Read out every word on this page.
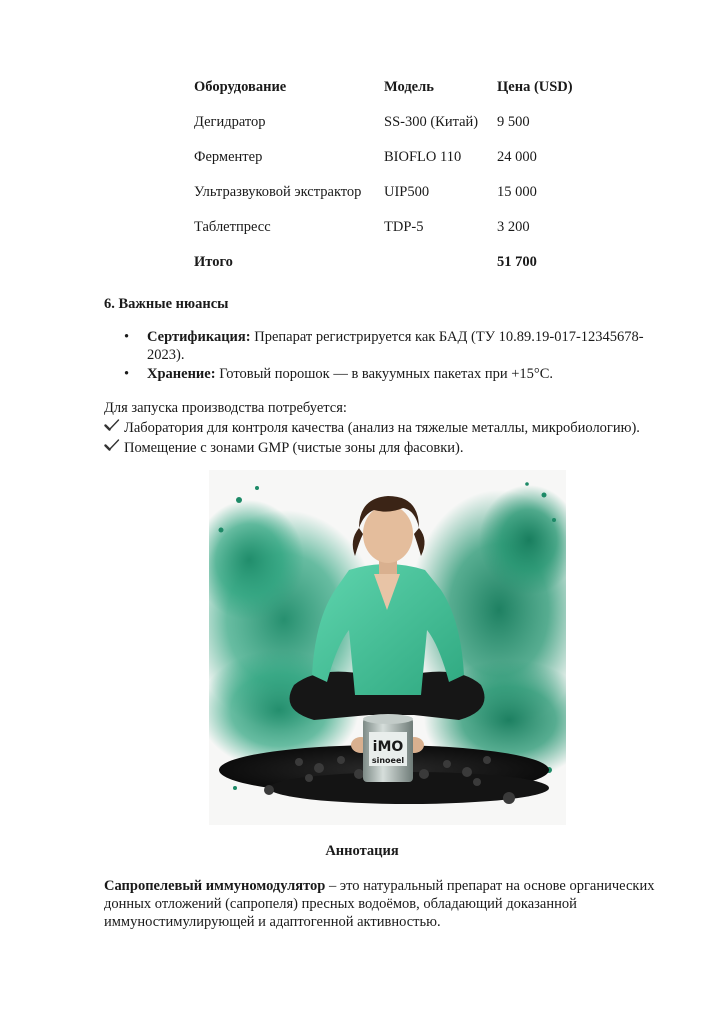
Оборудование	Модель	Цена (USD)
Дегидратор	SS-300 (Китай)	9 500
Ферментер	BIOFLO 110	24 000
Ультразвуковой экстрактор	UIP500	15 000
Таблетпресс	TDP-5	3 200
Итого		51 700
6. Важные нюансы
• Сертификация: Препарат регистрируется как БАД (ТУ 10.89.19-017-12345678-2023).
• Хранение: Готовый порошок — в вакуумных пакетах при +15°С.
Для запуска производства потребуется:
Лаборатория для контроля качества (анализ на тяжелые металлы, микробиологию).
Помещение с зонами GMP (чистые зоны для фасовки).
iMO
sinoeel
Аннотация
Сапропелевый иммуномодулятор – это натуральный препарат на основе органических донных отложений (сапропеля) пресных водоёмов, обладающий доказанной иммуностимулирующей и адаптогенной активностью.
